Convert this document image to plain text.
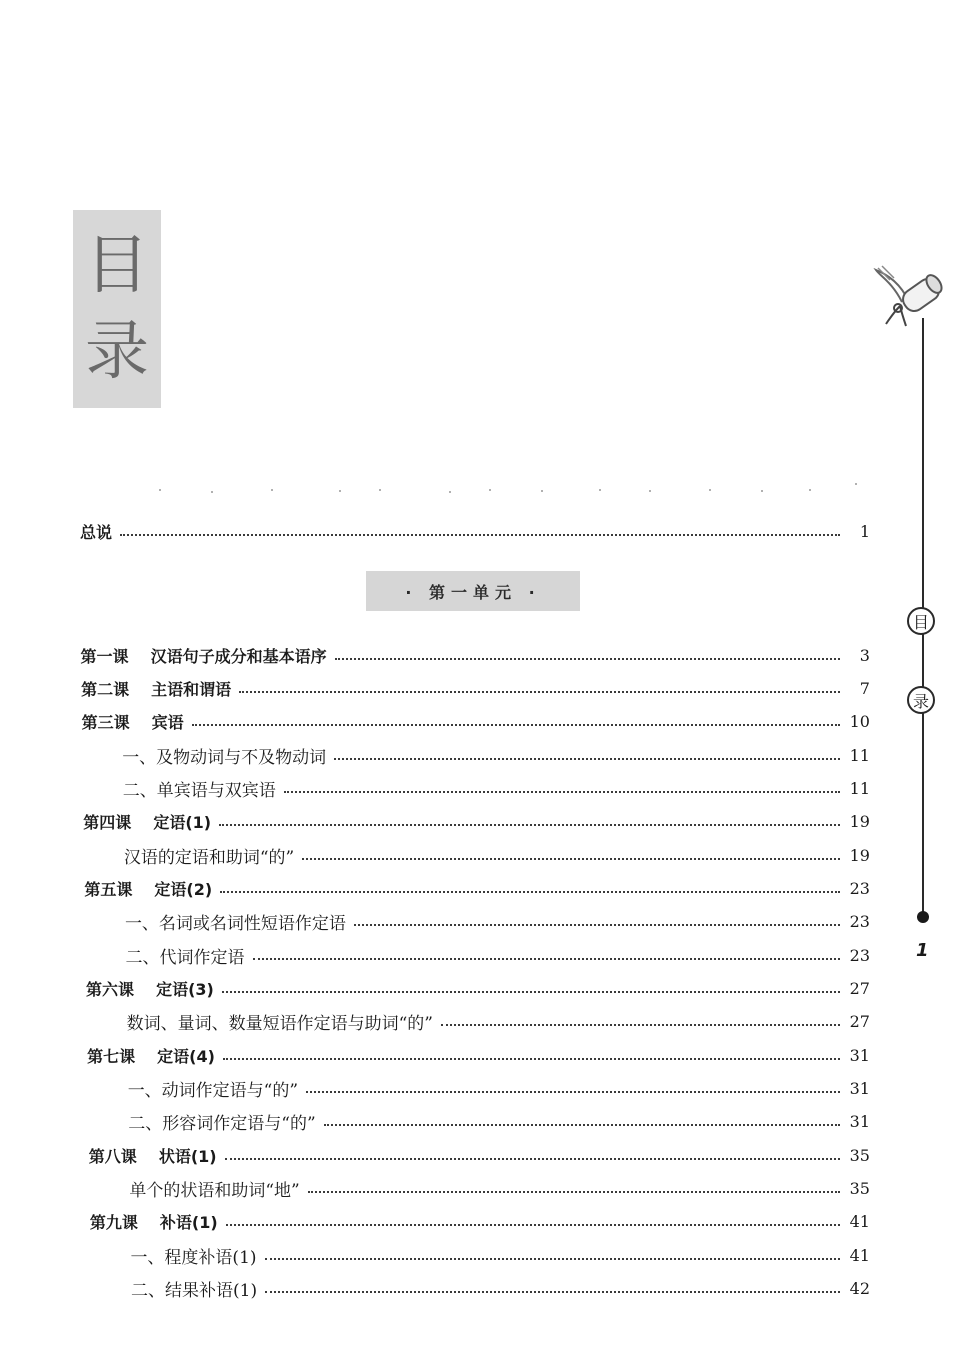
目
录
目
录
1
· 第一单元 ·
总说	1
第一课 汉语句子成分和基本语序	3
第二课 主语和谓语	7
第三课 宾语	10
一、及物动词与不及物动词	11
二、单宾语与双宾语	11
第四课 定语(1)	19
汉语的定语和助词“的”	19
第五课 定语(2)	23
一、名词或名词性短语作定语	23
二、代词作定语	23
第六课 定语(3)	27
数词、量词、数量短语作定语与助词“的”	27
第七课 定语(4)	31
一、动词作定语与“的”	31
二、形容词作定语与“的”	31
第八课 状语(1)	35
单个的状语和助词“地”	35
第九课 补语(1)	41
一、程度补语(1)	41
二、结果补语(1)	42
